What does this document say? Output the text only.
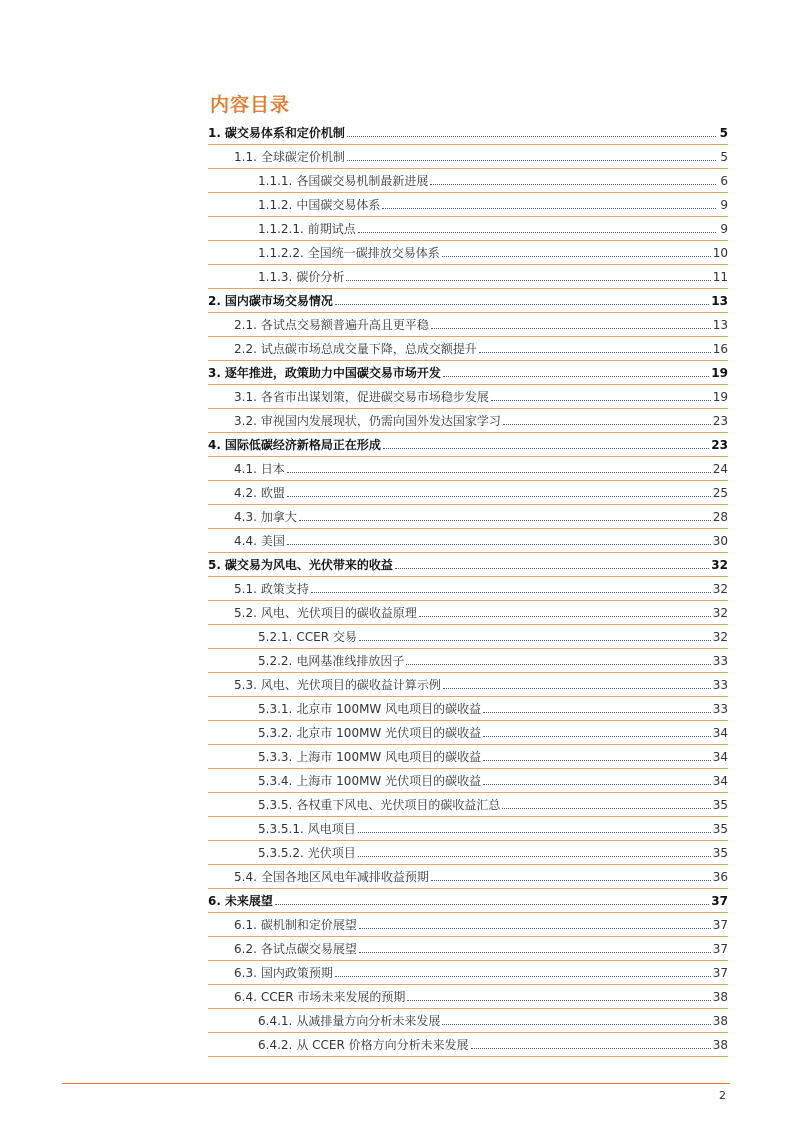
内容目录
1. 碳交易体系和定价机制	5
1.1. 全球碳定价机制	5
1.1.1. 各国碳交易机制最新进展	6
1.1.2. 中国碳交易体系	9
1.1.2.1. 前期试点	9
1.1.2.2. 全国统一碳排放交易体系	10
1.1.3. 碳价分析	11
2. 国内碳市场交易情况	13
2.1. 各试点交易额普遍升高且更平稳	13
2.2. 试点碳市场总成交量下降，总成交额提升	16
3. 逐年推进，政策助力中国碳交易市场开发	19
3.1. 各省市出谋划策，促进碳交易市场稳步发展	19
3.2. 审视国内发展现状，仍需向国外发达国家学习	23
4. 国际低碳经济新格局正在形成	23
4.1. 日本	24
4.2. 欧盟	25
4.3. 加拿大	28
4.4. 美国	30
5. 碳交易为风电、光伏带来的收益	32
5.1. 政策支持	32
5.2. 风电、光伏项目的碳收益原理	32
5.2.1. CCER 交易	32
5.2.2. 电网基准线排放因子	33
5.3. 风电、光伏项目的碳收益计算示例	33
5.3.1. 北京市 100MW 风电项目的碳收益	33
5.3.2. 北京市 100MW 光伏项目的碳收益	34
5.3.3. 上海市 100MW 风电项目的碳收益	34
5.3.4. 上海市 100MW 光伏项目的碳收益	34
5.3.5. 各权重下风电、光伏项目的碳收益汇总	35
5.3.5.1. 风电项目	35
5.3.5.2. 光伏项目	35
5.4. 全国各地区风电年减排收益预期	36
6. 未来展望	37
6.1. 碳机制和定价展望	37
6.2. 各试点碳交易展望	37
6.3. 国内政策预期	37
6.4. CCER 市场未来发展的预期	38
6.4.1. 从减排量方向分析未来发展	38
6.4.2. 从 CCER 价格方向分析未来发展	38
2
